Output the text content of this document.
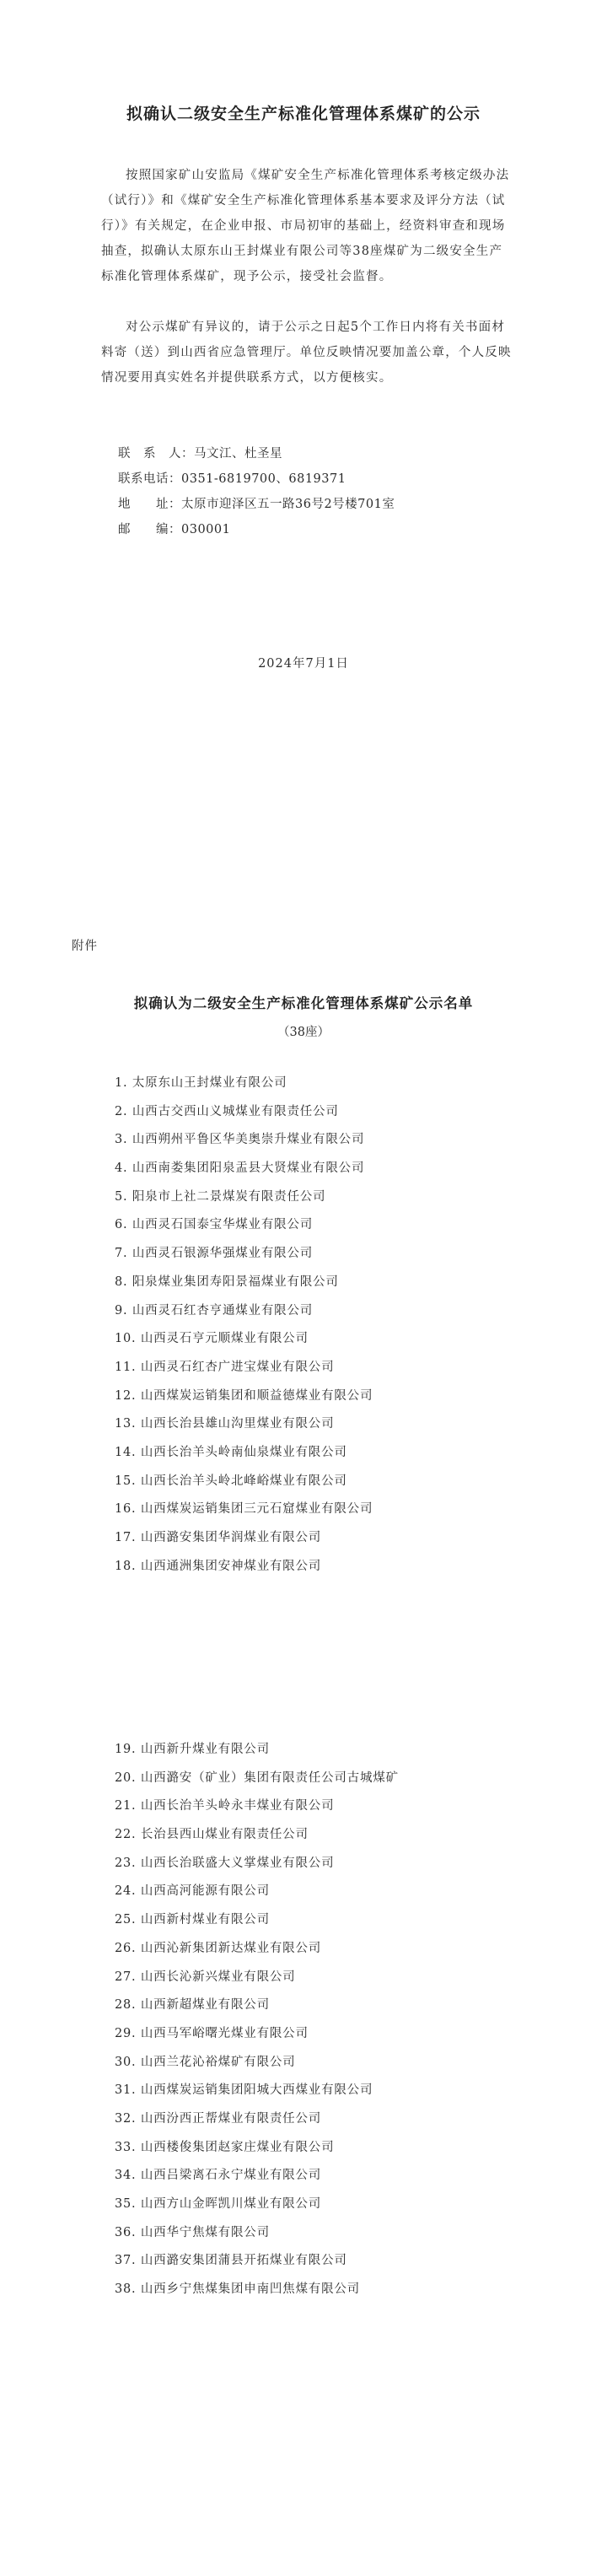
拟确认二级安全生产标准化管理体系煤矿的公示
按照国家矿山安监局《煤矿安全生产标准化管理体系考核定级办法（试行）》和《煤矿安全生产标准化管理体系基本要求及评分方法（试行）》有关规定，在企业申报、市局初审的基础上，经资料审查和现场抽查，拟确认太原东山王封煤业有限公司等38座煤矿为二级安全生产标准化管理体系煤矿，现予公示，接受社会监督。
对公示煤矿有异议的，请于公示之日起5个工作日内将有关书面材料寄（送）到山西省应急管理厅。单位反映情况要加盖公章，个人反映情况要用真实姓名并提供联系方式，以方便核实。
联　系　人：马文江、杜圣星
联系电话：0351-6819700、6819371
地　　址：太原市迎泽区五一路36号2号楼701室
邮　　编：030001
2024年7月1日
附件
拟确认为二级安全生产标准化管理体系煤矿公示名单
（38座）
1. 太原东山王封煤业有限公司
2. 山西古交西山义城煤业有限责任公司
3. 山西朔州平鲁区华美奥崇升煤业有限公司
4. 山西南娄集团阳泉盂县大贤煤业有限公司
5. 阳泉市上社二景煤炭有限责任公司
6. 山西灵石国泰宝华煤业有限公司
7. 山西灵石银源华强煤业有限公司
8. 阳泉煤业集团寿阳景福煤业有限公司
9. 山西灵石红杏亨通煤业有限公司
10. 山西灵石亨元顺煤业有限公司
11. 山西灵石红杏广进宝煤业有限公司
12. 山西煤炭运销集团和顺益德煤业有限公司
13. 山西长治县雄山沟里煤业有限公司
14. 山西长治羊头岭南仙泉煤业有限公司
15. 山西长治羊头岭北峰峪煤业有限公司
16. 山西煤炭运销集团三元石窟煤业有限公司
17. 山西潞安集团华润煤业有限公司
18. 山西通洲集团安神煤业有限公司
19. 山西新升煤业有限公司
20. 山西潞安（矿业）集团有限责任公司古城煤矿
21. 山西长治羊头岭永丰煤业有限公司
22. 长治县西山煤业有限责任公司
23. 山西长治联盛大义掌煤业有限公司
24. 山西高河能源有限公司
25. 山西新村煤业有限公司
26. 山西沁新集团新达煤业有限公司
27. 山西长沁新兴煤业有限公司
28. 山西新超煤业有限公司
29. 山西马军峪曙光煤业有限公司
30. 山西兰花沁裕煤矿有限公司
31. 山西煤炭运销集团阳城大西煤业有限公司
32. 山西汾西正帮煤业有限责任公司
33. 山西楼俊集团赵家庄煤业有限公司
34. 山西吕梁离石永宁煤业有限公司
35. 山西方山金晖凯川煤业有限公司
36. 山西华宁焦煤有限公司
37. 山西潞安集团蒲县开拓煤业有限公司
38. 山西乡宁焦煤集团申南凹焦煤有限公司
